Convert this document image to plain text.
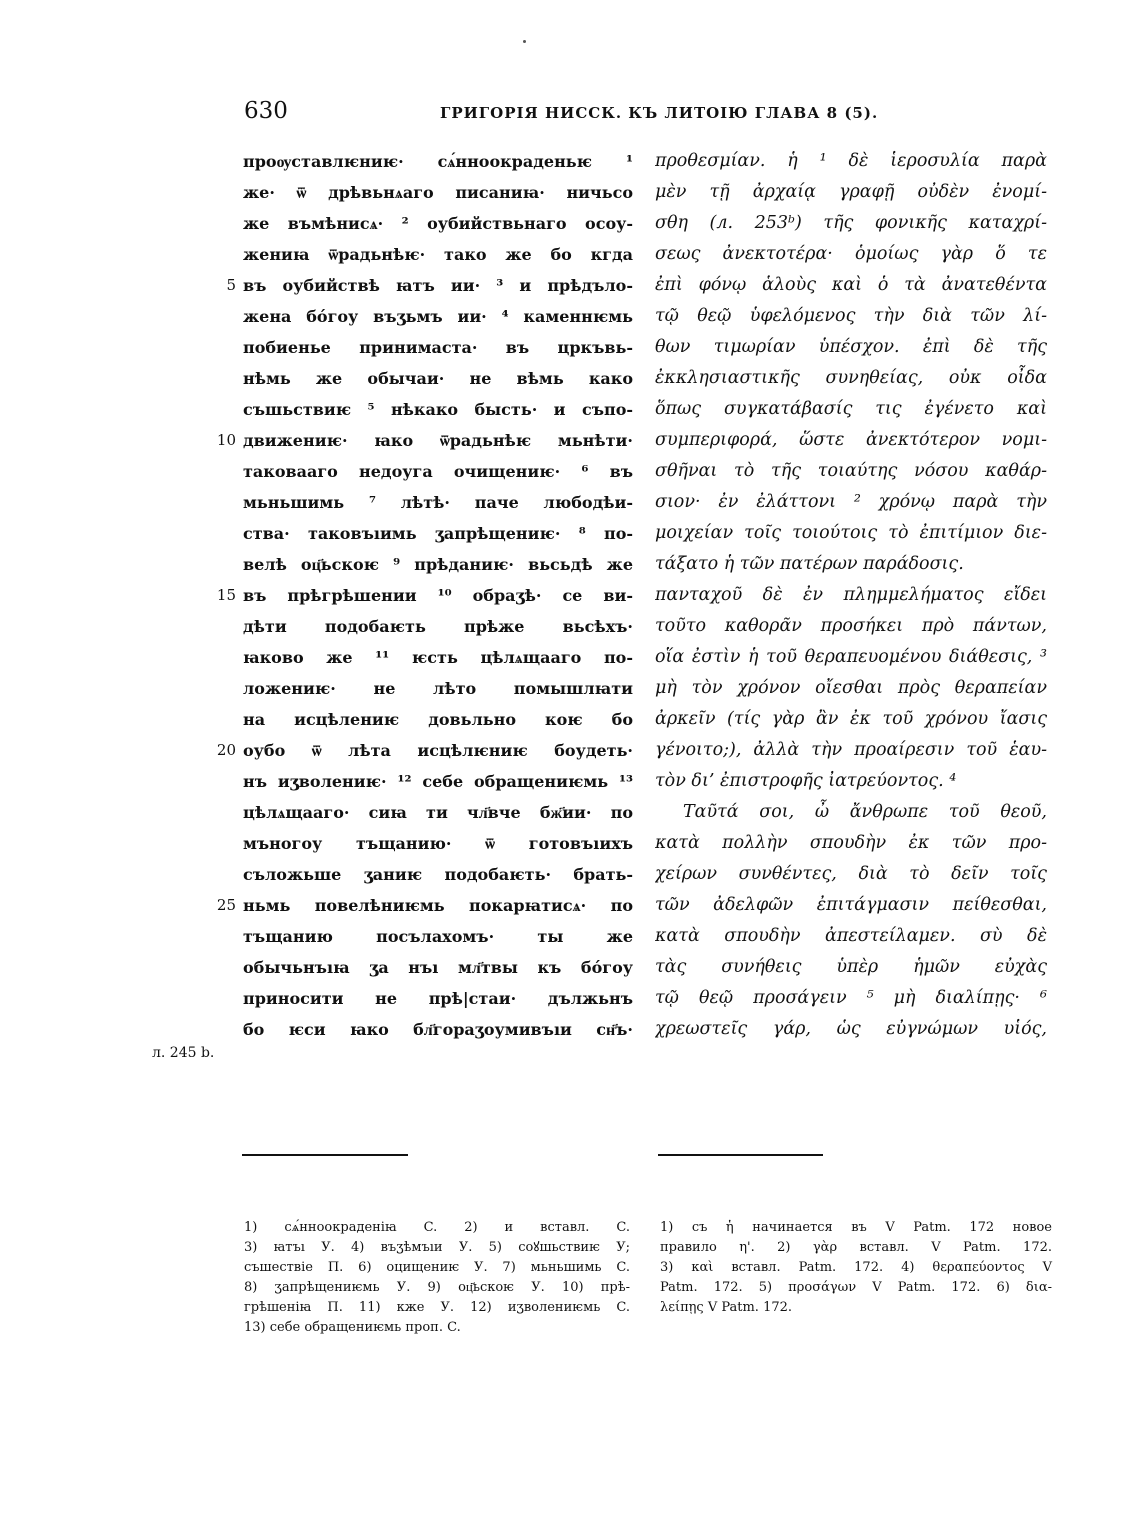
630	ГРИГОРІЯ НИССК. КЪ ЛИТОІЮ ГЛАВА 8 (5).
проѹставлѥниѥ· сѧ́нноокраденьѥ ¹
же· ѿ дрѣвьнѧаго писаниꙗ· ничьсо
же въмѣнисѧ· ² оубийствьнаго осоу-
жениꙗ ѿрадьнѣѥ· тако же бо кгда
въ оубийствѣ ꙗтъ ии· ³ и прѣдъло-
жена бо́гоу въʒьмъ ии· ⁴ каменнѥмь
побиенье принимаста· въ цркъвь-
нѣмь же обычаи· не вѣмь како
съшьствиѥ ⁵ нѣкако бысть· и съпо-
движениѥ· ꙗко ѿрадьнѣѥ мьнѣти·
таковааго недоуга очищениѥ· ⁶ въ
мьньшимь ⁷ лѣтѣ· паче любодѣи-
ства· таковъıимь ʒапрѣщениѥ· ⁸ по-
велѣ оц҃ьскоѥ ⁹ прѣданиѥ· вьсьдѣ же
въ прѣгрѣшении ¹⁰ обраʒѣ· се ви-
дѣти подобаѥть прѣже вьсѣхъ·
ꙗково же ¹¹ ѥсть цѣлѧщааго по-
ложениѥ· не лѣто помышлꙗти
на исцѣлениѥ довьльно коѥ бо
оубо ѿ лѣта исцѣлѥниѥ боудеть·
нъ иʒволениѥ· ¹² себе обращениѥмь ¹³
цѣлѧщааго· сиꙗ ти чл҃вче бж҃ии· по
мъногоу тъщанию· ѿ готовъıихъ
съложьше ʒаниѥ подобаѥть· брать-
ньмь повелѣниѥмь покарꙗтисѧ· по
тъщанию посълахомъ· ты же
обычьнъıꙗ ʒа нъı мл҃твы къ бо́гоу
приносити не прѣ|стаи· дължьнъ
бо ѥси ꙗко бл҃гораʒоумивъıи сн҃ъ·
προθεσμίαν. ἡ ¹ δὲ ἱεροσυλία παρὰ
μὲν τῇ ἀρχαίᾳ γραφῇ οὐδὲν ἐνομί-
σθη (л. 253ᵇ) τῆς φονικῆς καταχρί-
σεως ἀνεκτοτέρα· ὁμοίως γὰρ ὅ τε
ἐπὶ φόνῳ ἁλοὺς καὶ ὁ τὰ ἀνατεθέντα
τῷ θεῷ ὑφελόμενος τὴν διὰ τῶν λί-
θων τιμωρίαν ὑπέσχον. ἐπὶ δὲ τῆς
ἐκκλησιαστικῆς συνηθείας, οὐκ οἶδα
ὅπως συγκατάβασίς τις ἐγένετο καὶ
συμπεριφορά, ὥστε ἀνεκτότερον νομι-
σθῆναι τὸ τῆς τοιαύτης νόσου καθάρ-
σιον· ἐν ἐλάττονι ² χρόνῳ παρὰ τὴν
μοιχείαν τοῖς τοιούτοις τὸ ἐπιτίμιον διε-
τάξατο ἡ τῶν πατέρων παράδοσις.
πανταχοῦ δὲ ἐν πλημμελήματος εἴδει
τοῦτο καθορᾶν προσήκει πρὸ πάντων,
οἵα ἐστὶν ἡ τοῦ θεραπευομένου διάθεσις, ³
μὴ τὸν χρόνον οἴεσθαι πρὸς θεραπείαν
ἀρκεῖν (τίς γὰρ ἂν ἐκ τοῦ χρόνου ἴασις
γένοιτο;), ἀλλὰ τὴν προαίρεσιν τοῦ ἑαυ-
τὸν δι’ ἐπιστροφῆς ἰατρεύοντος. ⁴
Ταῦτά σοι, ὦ ἄνθρωπε τοῦ θεοῦ,
κατὰ πολλὴν σπουδὴν ἐκ τῶν προ-
χείρων συνθέντες, διὰ τὸ δεῖν τοῖς
τῶν ἀδελφῶν ἐπιτάγμασιν πείθεσθαι,
κατὰ σπουδὴν ἀπεστείλαμεν. σὺ δὲ
τὰς συνήθεις ὑπὲρ ἡμῶν εὐχὰς
τῷ θεῷ προσάγειν ⁵ μὴ διαλίπῃς· ⁶
χρεωστεῖς γάρ, ὡς εὐγνώμων υἱός,
5
10
15
20
25
л. 245 b.
1) сѧ́нноокраденіꙗ C. 2) и вставл. C.
3) ꙗтъı У. 4) въʒѣмъıи У. 5) соꙋшьствиѥ У;
съшествіе П. 6) оцищениѥ У. 7) мьньшимь C.
8) ʒапрѣщениѥмь У. 9) оц҃ьскоѥ У. 10) прѣ-
грѣшеніꙗ П. 11) кже У. 12) иʒволениѥмь C.
13) себе обращениѥмь проп. C.
1) съ ἡ начинается въ V Patm. 172 новое
правило η'. 2) γὰρ вставл. V Patm. 172.
3) καὶ вставл. Patm. 172. 4) θεραπεύοντος V
Patm. 172. 5) προσάγων V Patm. 172. 6) δια-
λείπῃς V Patm. 172.
